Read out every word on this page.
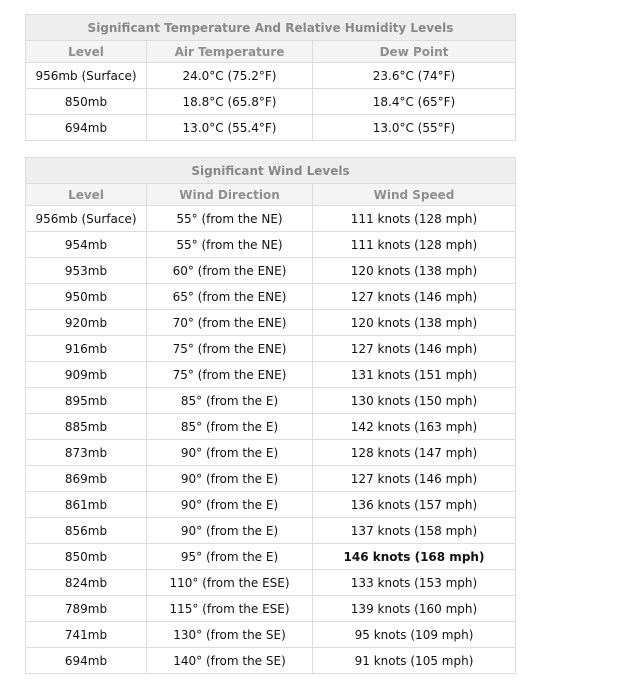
Significant Temperature And Relative Humidity Levels		
Level	Air Temperature	Dew Point
956mb (Surface)	24.0°C (75.2°F)	23.6°C (74°F)
850mb	18.8°C (65.8°F)	18.4°C (65°F)
694mb	13.0°C (55.4°F)	13.0°C (55°F)
Significant Wind Levels		
Level	Wind Direction	Wind Speed
956mb (Surface)	55° (from the NE)	111 knots (128 mph)
954mb	55° (from the NE)	111 knots (128 mph)
953mb	60° (from the ENE)	120 knots (138 mph)
950mb	65° (from the ENE)	127 knots (146 mph)
920mb	70° (from the ENE)	120 knots (138 mph)
916mb	75° (from the ENE)	127 knots (146 mph)
909mb	75° (from the ENE)	131 knots (151 mph)
895mb	85° (from the E)	130 knots (150 mph)
885mb	85° (from the E)	142 knots (163 mph)
873mb	90° (from the E)	128 knots (147 mph)
869mb	90° (from the E)	127 knots (146 mph)
861mb	90° (from the E)	136 knots (157 mph)
856mb	90° (from the E)	137 knots (158 mph)
850mb	95° (from the E)	146 knots (168 mph)
824mb	110° (from the ESE)	133 knots (153 mph)
789mb	115° (from the ESE)	139 knots (160 mph)
741mb	130° (from the SE)	95 knots (109 mph)
694mb	140° (from the SE)	91 knots (105 mph)
